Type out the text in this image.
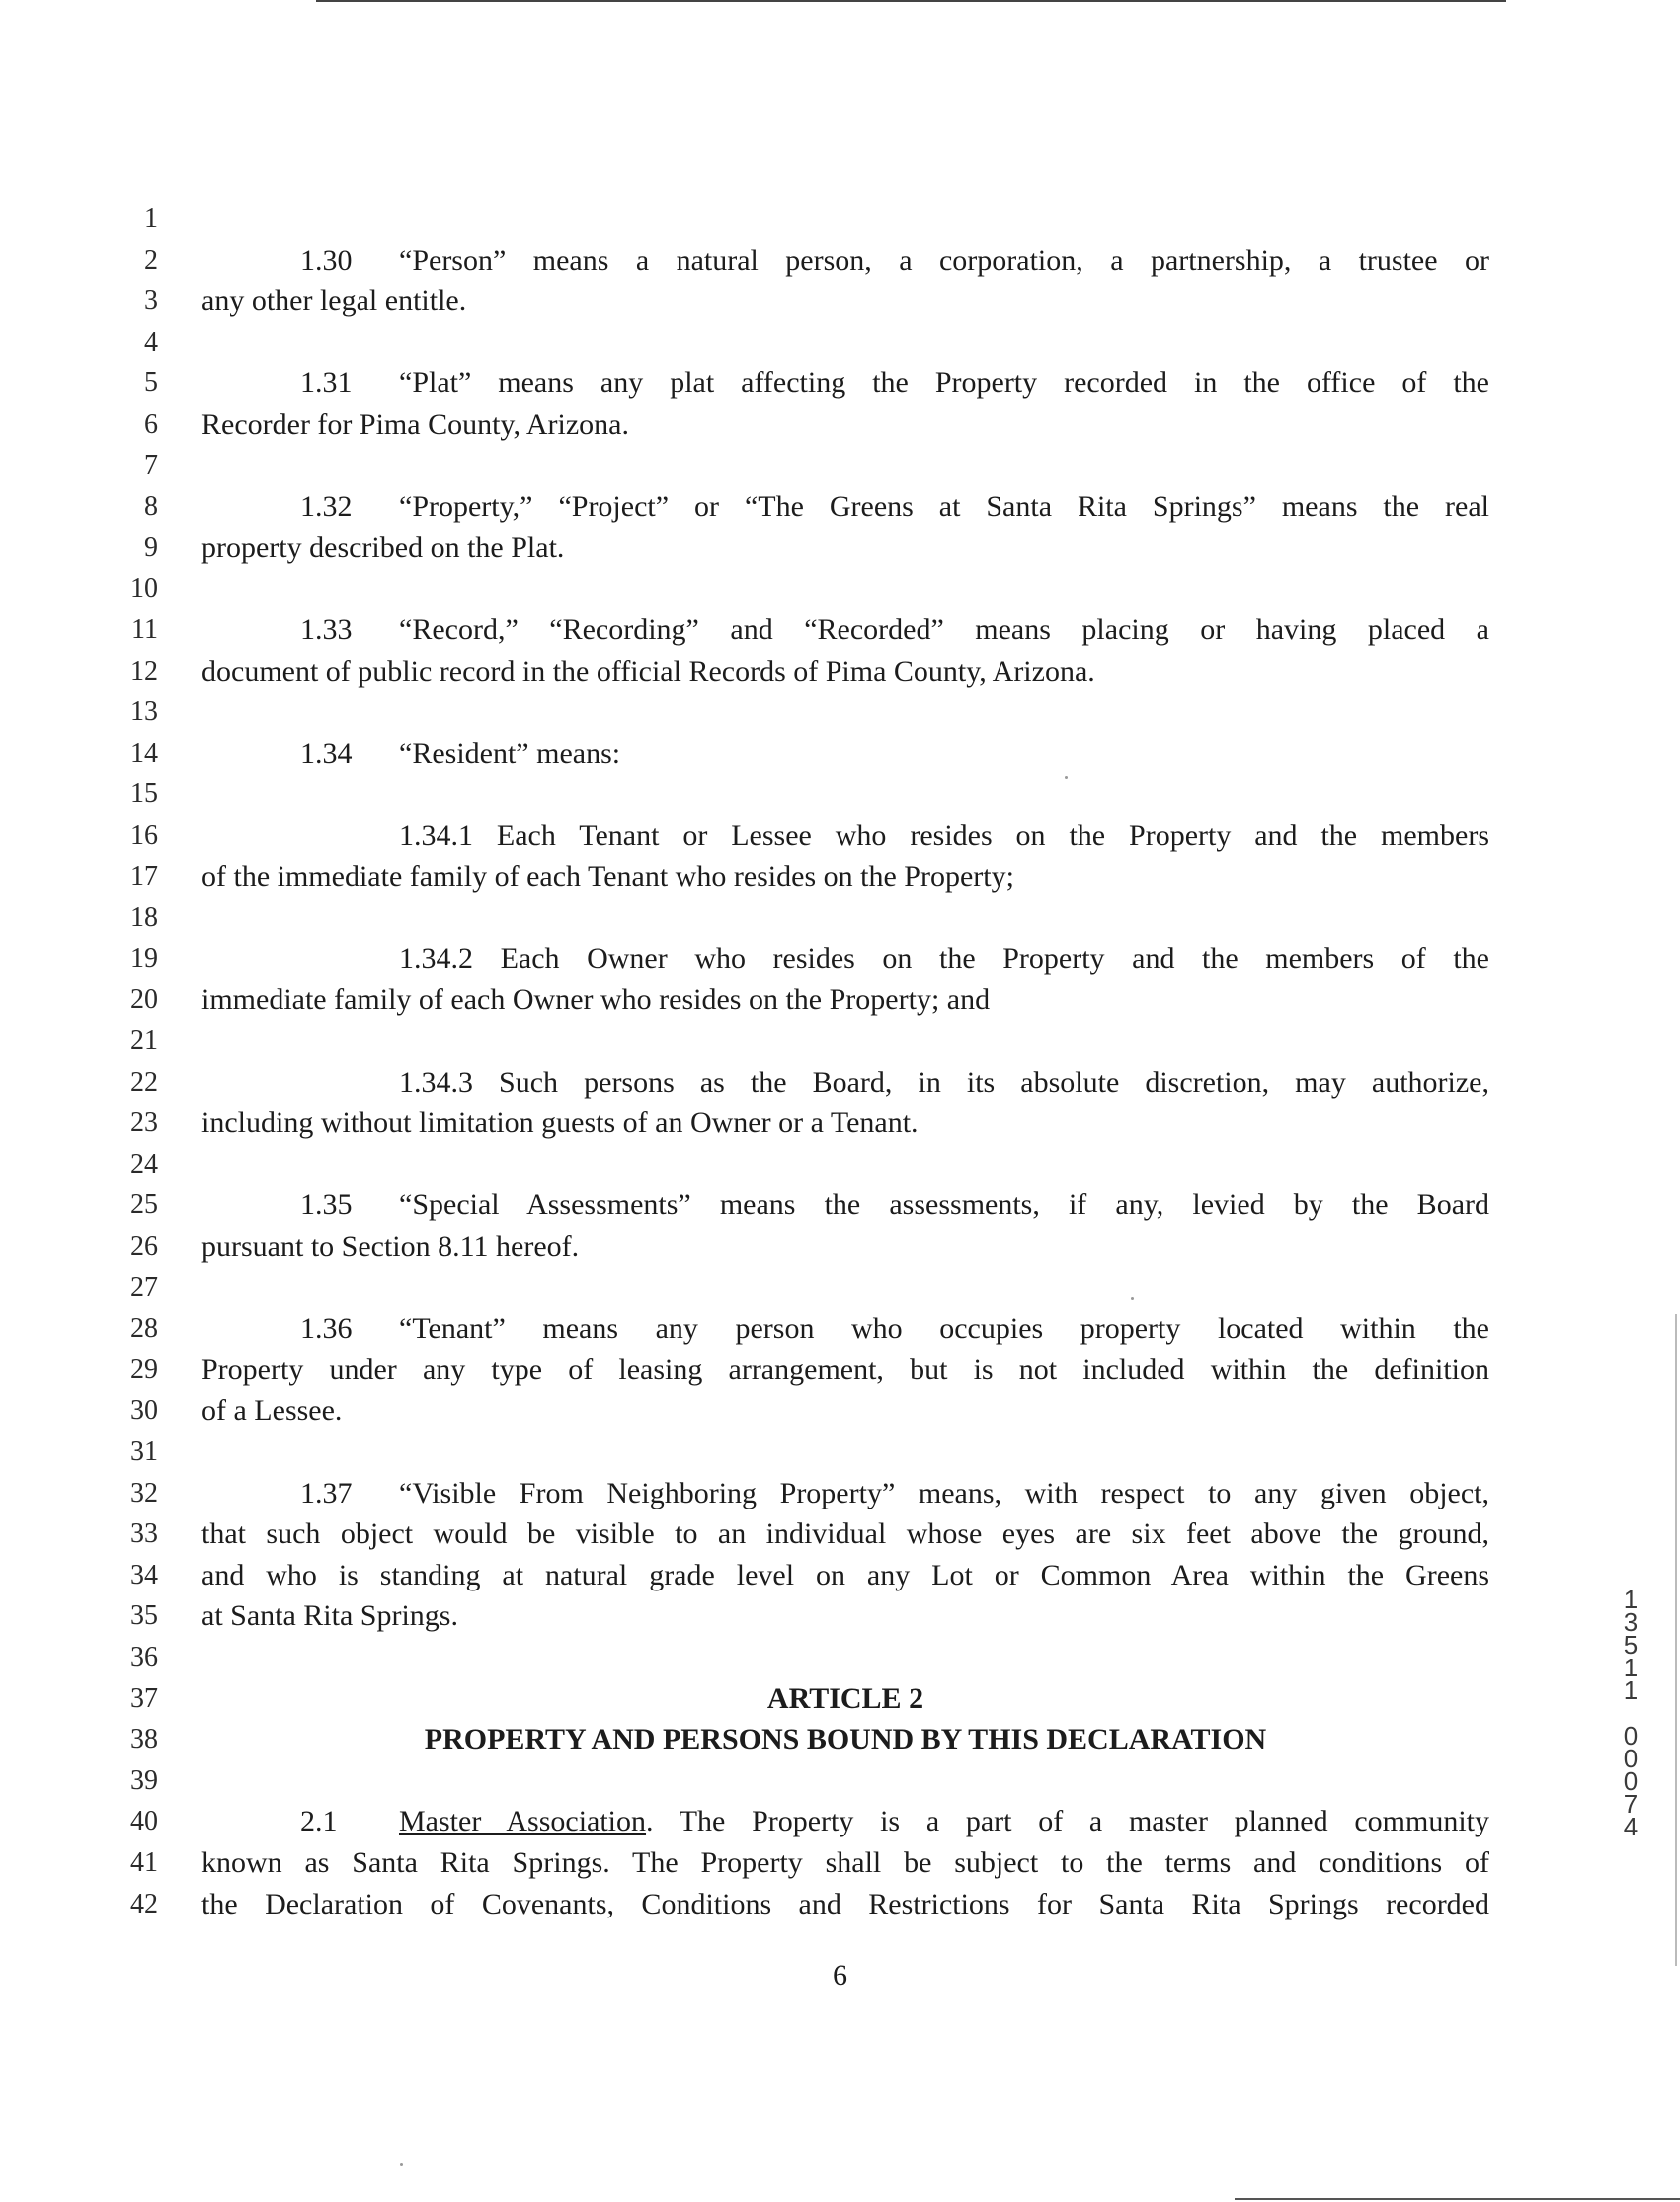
1
2	1.30 “Person” means a natural person, a corporation, a partnership, a trustee or
3 any other legal entitle.
4
5	1.31 “Plat” means any plat affecting the Property recorded in the office of the
6 Recorder for Pima County, Arizona.
7
8	1.32 “Property,” “Project” or “The Greens at Santa Rita Springs” means the real
9 property described on the Plat.
10
11	1.33 “Record,” “Recording” and “Recorded” means placing or having placed a
12 document of public record in the official Records of Pima County, Arizona.
13
14	1.34 “Resident” means:
15
16	1.34.1 Each Tenant or Lessee who resides on the Property and the members
17 of the immediate family of each Tenant who resides on the Property;
18
19	1.34.2 Each Owner who resides on the Property and the members of the
20 immediate family of each Owner who resides on the Property; and
21
22	1.34.3 Such persons as the Board, in its absolute discretion, may authorize,
23 including without limitation guests of an Owner or a Tenant.
24
25	1.35 “Special Assessments” means the assessments, if any, levied by the Board
26 pursuant to Section 8.11 hereof.
27
28	1.36 “Tenant” means any person who occupies property located within the
29 Property under any type of leasing arrangement, but is not included within the definition
30 of a Lessee.
31
32	1.37 “Visible From Neighboring Property” means, with respect to any given object,
33 that such object would be visible to an individual whose eyes are six feet above the ground,
34 and who is standing at natural grade level on any Lot or Common Area within the Greens
35 at Santa Rita Springs.
36
37	ARTICLE 2
38	PROPERTY AND PERSONS BOUND BY THIS DECLARATION
39
40	2.1 Master Association. The Property is a part of a master planned community
41 known as Santa Rita Springs. The Property shall be subject to the terms and conditions of
42 the Declaration of Covenants, Conditions and Restrictions for Santa Rita Springs recorded
6
1
3
5
1
1

0
0
0
7
4
